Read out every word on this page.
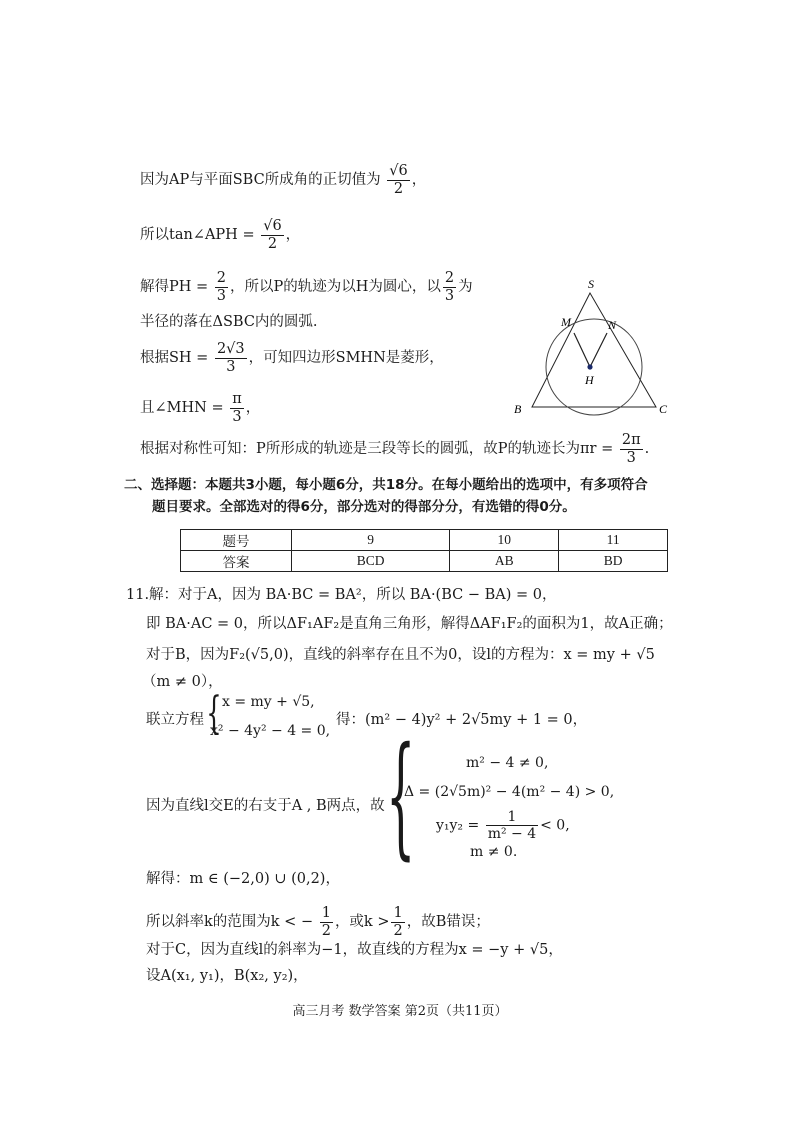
因为AP与平面SBC所成角的正切值为 $\frac{√6}{2}$ ，
所以tan∠APH = $\frac{√6}{2}$ ，
解得PH = $\frac{2}{3}$ ，所以P的轨迹为以H为圆心，以 $\frac{2}{3}$ 为
半径的落在ΔSBC内的圆弧.
根据SH = $\frac{2√3}{3}$ ，可知四边形SMHN是菱形，
且∠MHN = $\frac{\pi}{3}$ ，
根据对称性可知：P所形成的轨迹是三段等长的圆弧，故P的轨迹长为$\pi r = \frac{2\pi}{3}$ .
S
M	N
H
B	C
二、选择题：本题共3小题，每小题6分，共18分。在每小题给出的选项中，有多项符合
题目要求。全部选对的得6分，部分选对的得部分分，有选错的得0分。
题号	9	10	11
答案	BCD	AB	BD
11.解：对于A，因为 BA·BC = BA²，所以 BA·(BC − BA) = 0，
即 BA·AC = 0，所以ΔF₁AF₂是直角三角形，解得ΔAF₁F₂的面积为1，故A正确；
对于B，因为F₂(√5,0)，直线的斜率存在且不为0，设l的方程为：x = my + √5
（m ≠ 0），
联立方程 { x = my + √5,
x² − 4y² − 4 = 0,
得：(m² − 4)y² + 2√5my + 1 = 0，
因为直线l交E的右支于A , B两点，故 {	m² − 4 ≠ 0,
Δ = (2√5m)² − 4(m² − 4) > 0,
$y_1y_2 = \frac{1}{\text{m² − 4}} < 0$,
m ≠ 0.
解得：m ∈ (−2,0) ∪ (0,2)，
所以斜率k的范围为k < − $\frac{1}{2}$ ，或$k > \frac{1}{2}$ ，故B错误；
对于C，因为直线l的斜率为−1，故直线的方程为x = −y + √5，
设A(x₁, y₁)，B(x₂, y₂)，
高三月考 数学答案 第2页（共11页）
